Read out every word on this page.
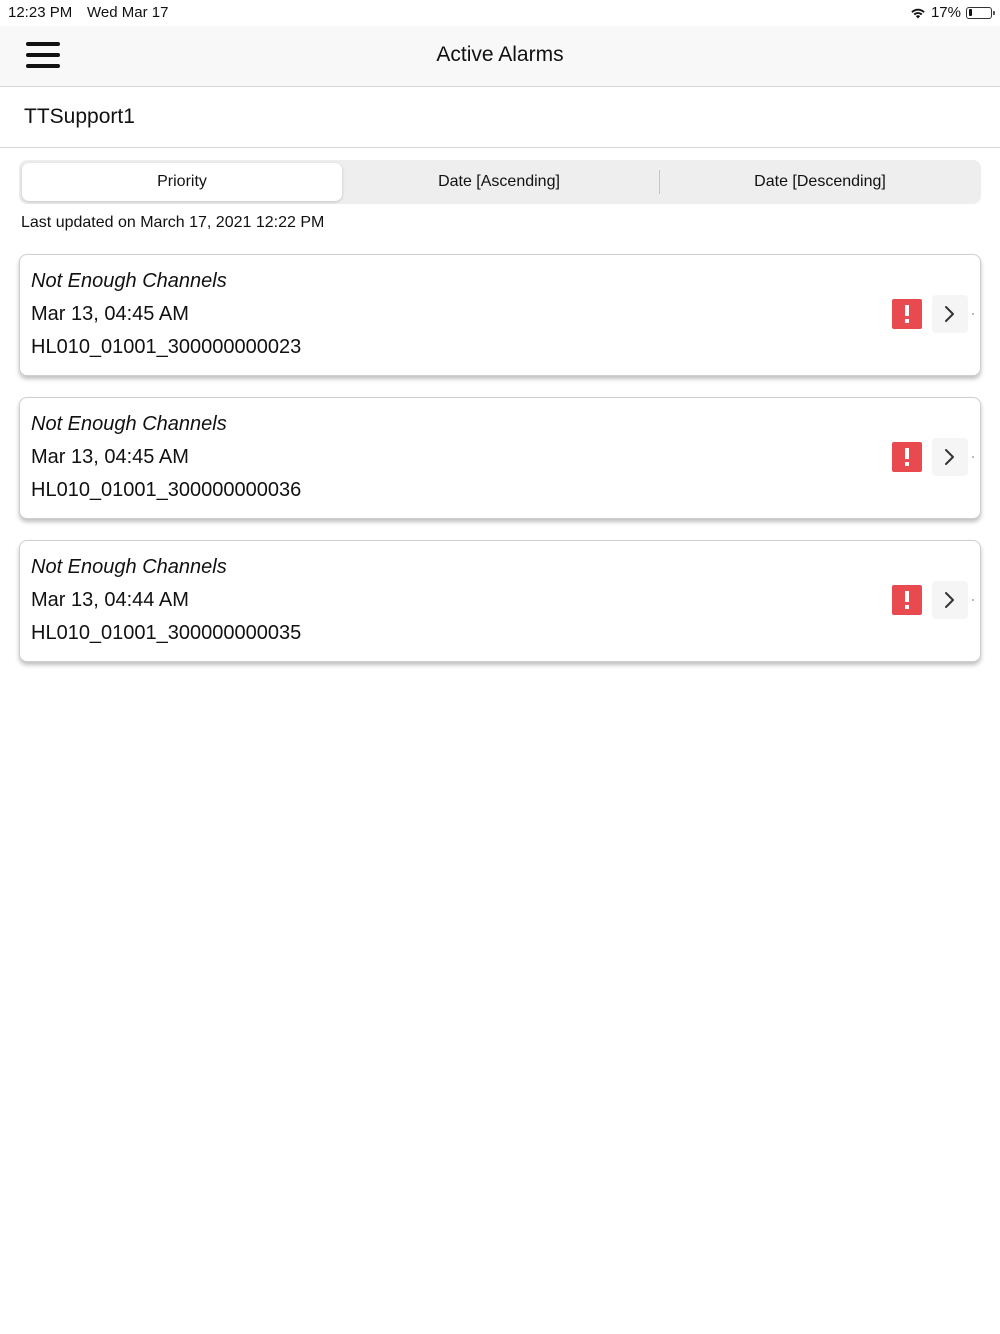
12:23 PM Wed Mar 17	17%
Active Alarms
TTSupport1
Priority	Date [Ascending]	Date [Descending]
Last updated on March 17, 2021 12:22 PM
Not Enough Channels
Mar 13, 04:45 AM
HL010_01001_300000000023
Not Enough Channels
Mar 13, 04:45 AM
HL010_01001_300000000036
Not Enough Channels
Mar 13, 04:44 AM
HL010_01001_300000000035
